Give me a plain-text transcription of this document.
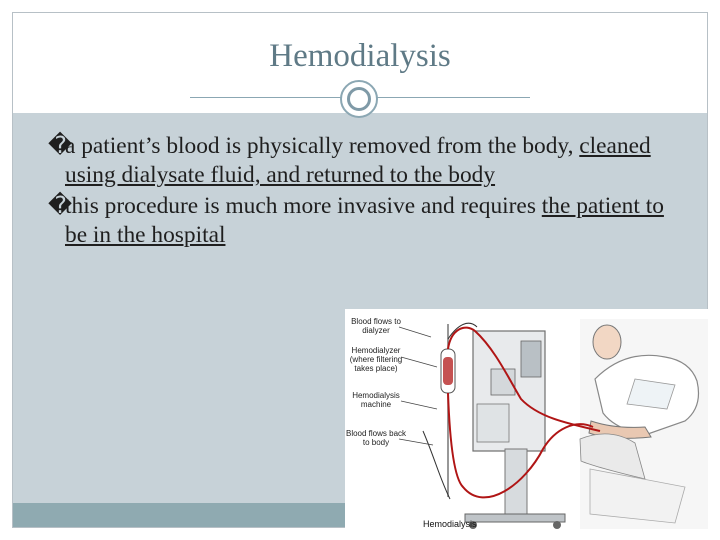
Hemodialysis
�
a patient’s blood is physically removed from the body, cleaned using dialysate fluid, and returned to the body
�
this procedure is much more invasive and requires the patient to be in the hospital
Blood flows to dialyzer
Hemodialyzer (where filtering takes place)
Hemodialysis machine
Blood flows back to body
Hemodialysis
